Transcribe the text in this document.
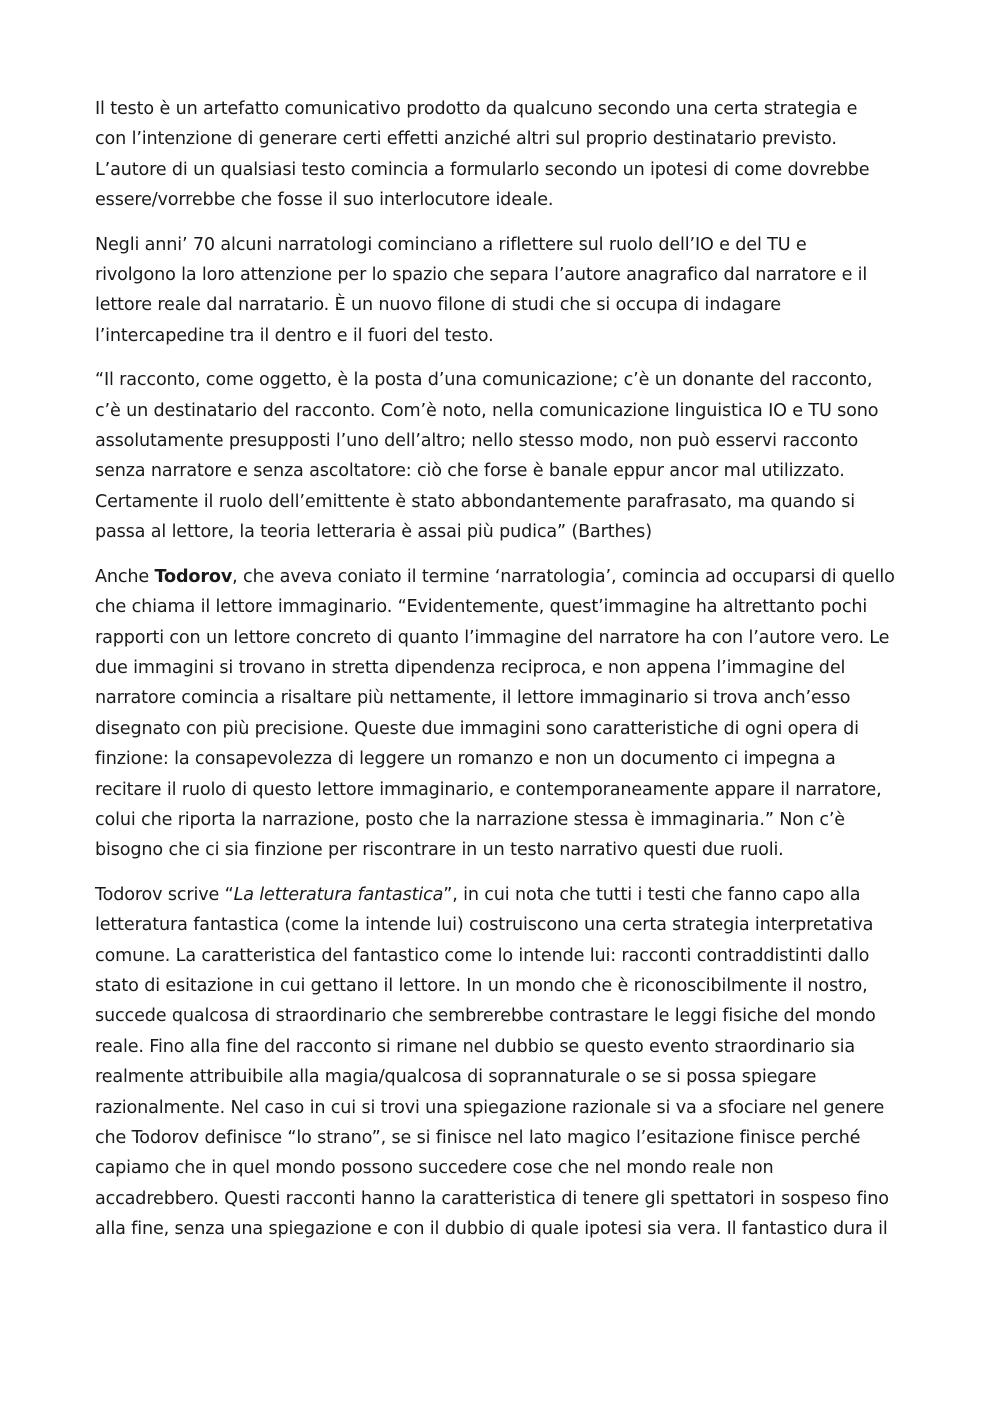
Il testo è un artefatto comunicativo prodotto da qualcuno secondo una certa strategia e
con l’intenzione di generare certi effetti anziché altri sul proprio destinatario previsto.
L’autore di un qualsiasi testo comincia a formularlo secondo un ipotesi di come dovrebbe
essere/vorrebbe che fosse il suo interlocutore ideale.

Negli anni’ 70 alcuni narratologi cominciano a riflettere sul ruolo dell’IO e del TU e
rivolgono la loro attenzione per lo spazio che separa l’autore anagrafico dal narratore e il
lettore reale dal narratario. È un nuovo filone di studi che si occupa di indagare
l’intercapedine tra il dentro e il fuori del testo.

“Il racconto, come oggetto, è la posta d’una comunicazione; c’è un donante del racconto,
c’è un destinatario del racconto. Com’è noto, nella comunicazione linguistica IO e TU sono
assolutamente presupposti l’uno dell’altro; nello stesso modo, non può esservi racconto
senza narratore e senza ascoltatore: ciò che forse è banale eppur ancor mal utilizzato.
Certamente il ruolo dell’emittente è stato abbondantemente parafrasato, ma quando si
passa al lettore, la teoria letteraria è assai più pudica” (Barthes)

Anche Todorov, che aveva coniato il termine ‘narratologia’, comincia ad occuparsi di quello
che chiama il lettore immaginario. “Evidentemente, quest’immagine ha altrettanto pochi
rapporti con un lettore concreto di quanto l’immagine del narratore ha con l’autore vero. Le
due immagini si trovano in stretta dipendenza reciproca, e non appena l’immagine del
narratore comincia a risaltare più nettamente, il lettore immaginario si trova anch’esso
disegnato con più precisione. Queste due immagini sono caratteristiche di ogni opera di
finzione: la consapevolezza di leggere un romanzo e non un documento ci impegna a
recitare il ruolo di questo lettore immaginario, e contemporaneamente appare il narratore,
colui che riporta la narrazione, posto che la narrazione stessa è immaginaria.” Non c’è
bisogno che ci sia finzione per riscontrare in un testo narrativo questi due ruoli.

Todorov scrive “La letteratura fantastica”, in cui nota che tutti i testi che fanno capo alla
letteratura fantastica (come la intende lui) costruiscono una certa strategia interpretativa
comune. La caratteristica del fantastico come lo intende lui: racconti contraddistinti dallo
stato di esitazione in cui gettano il lettore. In un mondo che è riconoscibilmente il nostro,
succede qualcosa di straordinario che sembrerebbe contrastare le leggi fisiche del mondo
reale. Fino alla fine del racconto si rimane nel dubbio se questo evento straordinario sia
realmente attribuibile alla magia/qualcosa di soprannaturale o se si possa spiegare
razionalmente. Nel caso in cui si trovi una spiegazione razionale si va a sfociare nel genere
che Todorov definisce “lo strano”, se si finisce nel lato magico l’esitazione finisce perché
capiamo che in quel mondo possono succedere cose che nel mondo reale non
accadrebbero. Questi racconti hanno la caratteristica di tenere gli spettatori in sospeso fino
alla fine, senza una spiegazione e con il dubbio di quale ipotesi sia vera. Il fantastico dura il
